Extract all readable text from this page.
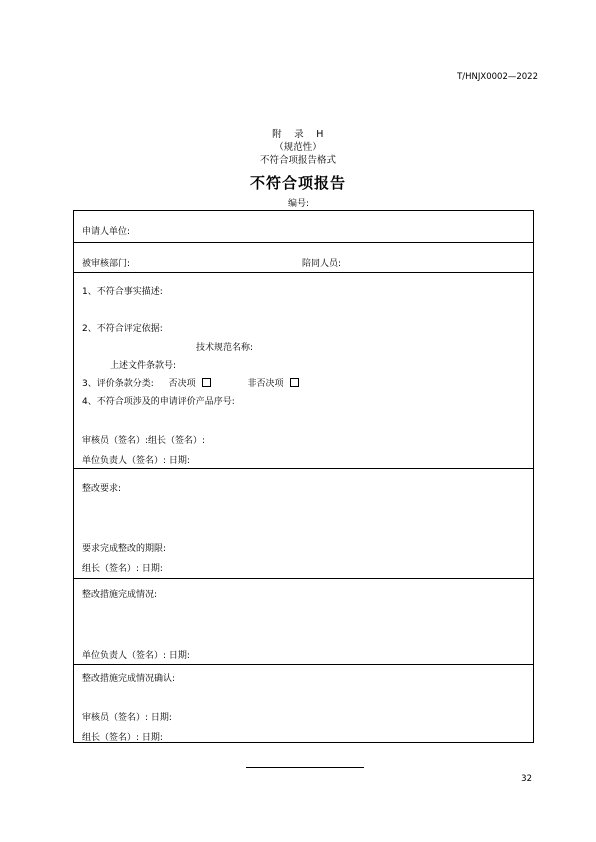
T/HNJX0002—2022
附 录 H
（规范性）
不符合项报告格式
不符合项报告
编号:
申请人单位:
被审核部门:	陪同人员:
1、不符合事实描述:
2、不符合评定依据:
技术规范名称:
上述文件条款号:
3、评价条款分类: 否决项	非否决项
4、不符合项涉及的申请评价产品序号:
审核员（签名）:组长（签名）:
单位负责人（签名）: 日期:
整改要求:
要求完成整改的期限:
组长（签名）: 日期:
整改措施完成情况:
单位负责人（签名）: 日期:
整改措施完成情况确认:
审核员（签名）: 日期:
组长（签名）: 日期:
32
